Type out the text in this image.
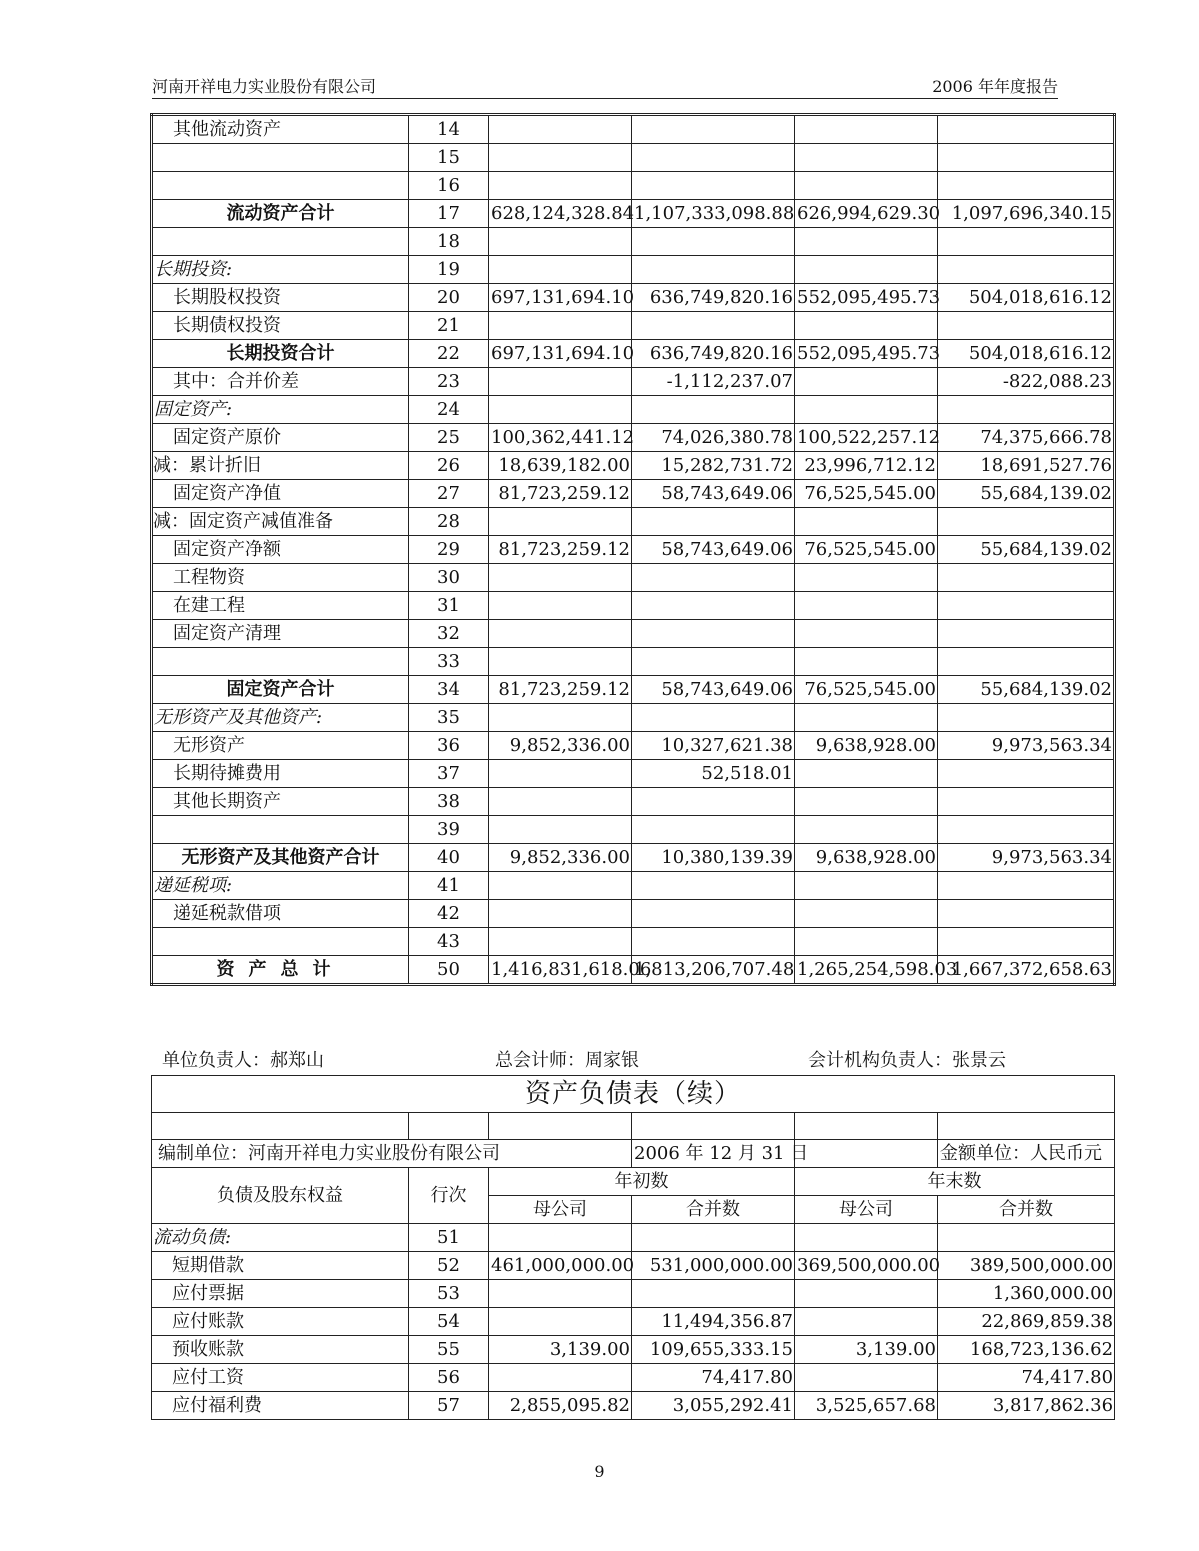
河南开祥电力实业股份有限公司	2006 年年度报告
其他流动资产	14				
	15				
	16				
流动资产合计	17	628,124,328.84	1,107,333,098.88	626,994,629.30	1,097,696,340.15
	18				
长期投资:	19				
长期股权投资	20	697,131,694.10	636,749,820.16	552,095,495.73	504,018,616.12
长期债权投资	21				
长期投资合计	22	697,131,694.10	636,749,820.16	552,095,495.73	504,018,616.12
其中：合并价差	23		-1,112,237.07		-822,088.23
固定资产:	24				
固定资产原价	25	100,362,441.12	74,026,380.78	100,522,257.12	74,375,666.78
减：累计折旧	26	18,639,182.00	15,282,731.72	23,996,712.12	18,691,527.76
固定资产净值	27	81,723,259.12	58,743,649.06	76,525,545.00	55,684,139.02
减：固定资产减值准备	28				
固定资产净额	29	81,723,259.12	58,743,649.06	76,525,545.00	55,684,139.02
工程物资	30				
在建工程	31				
固定资产清理	32				
	33				
固定资产合计	34	81,723,259.12	58,743,649.06	76,525,545.00	55,684,139.02
无形资产及其他资产:	35				
无形资产	36	9,852,336.00	10,327,621.38	9,638,928.00	9,973,563.34
长期待摊费用	37		52,518.01		
其他长期资产	38				
	39				
无形资产及其他资产合计	40	9,852,336.00	10,380,139.39	9,638,928.00	9,973,563.34
递延税项:	41				
递延税款借项	42				
	43				
资产总计	50	1,416,831,618.06	1,813,206,707.48	1,265,254,598.03	1,667,372,658.63
单位负责人：郝郑山	总会计师：周家银	会计机构负责人：张景云
资产负债表（续）					

编制单位：河南开祥电力实业股份有限公司			2006 年 12 月 31 日		金额单位：人民币元
负债及股东权益	行次	年初数		年末数	
		母公司	合并数	母公司	合并数
流动负债:	51				
短期借款	52	461,000,000.00	531,000,000.00	369,500,000.00	389,500,000.00
应付票据	53				1,360,000.00
应付账款	54		11,494,356.87		22,869,859.38
预收账款	55	3,139.00	109,655,333.15	3,139.00	168,723,136.62
应付工资	56		74,417.80		74,417.80
应付福利费	57	2,855,095.82	3,055,292.41	3,525,657.68	3,817,862.36
9
